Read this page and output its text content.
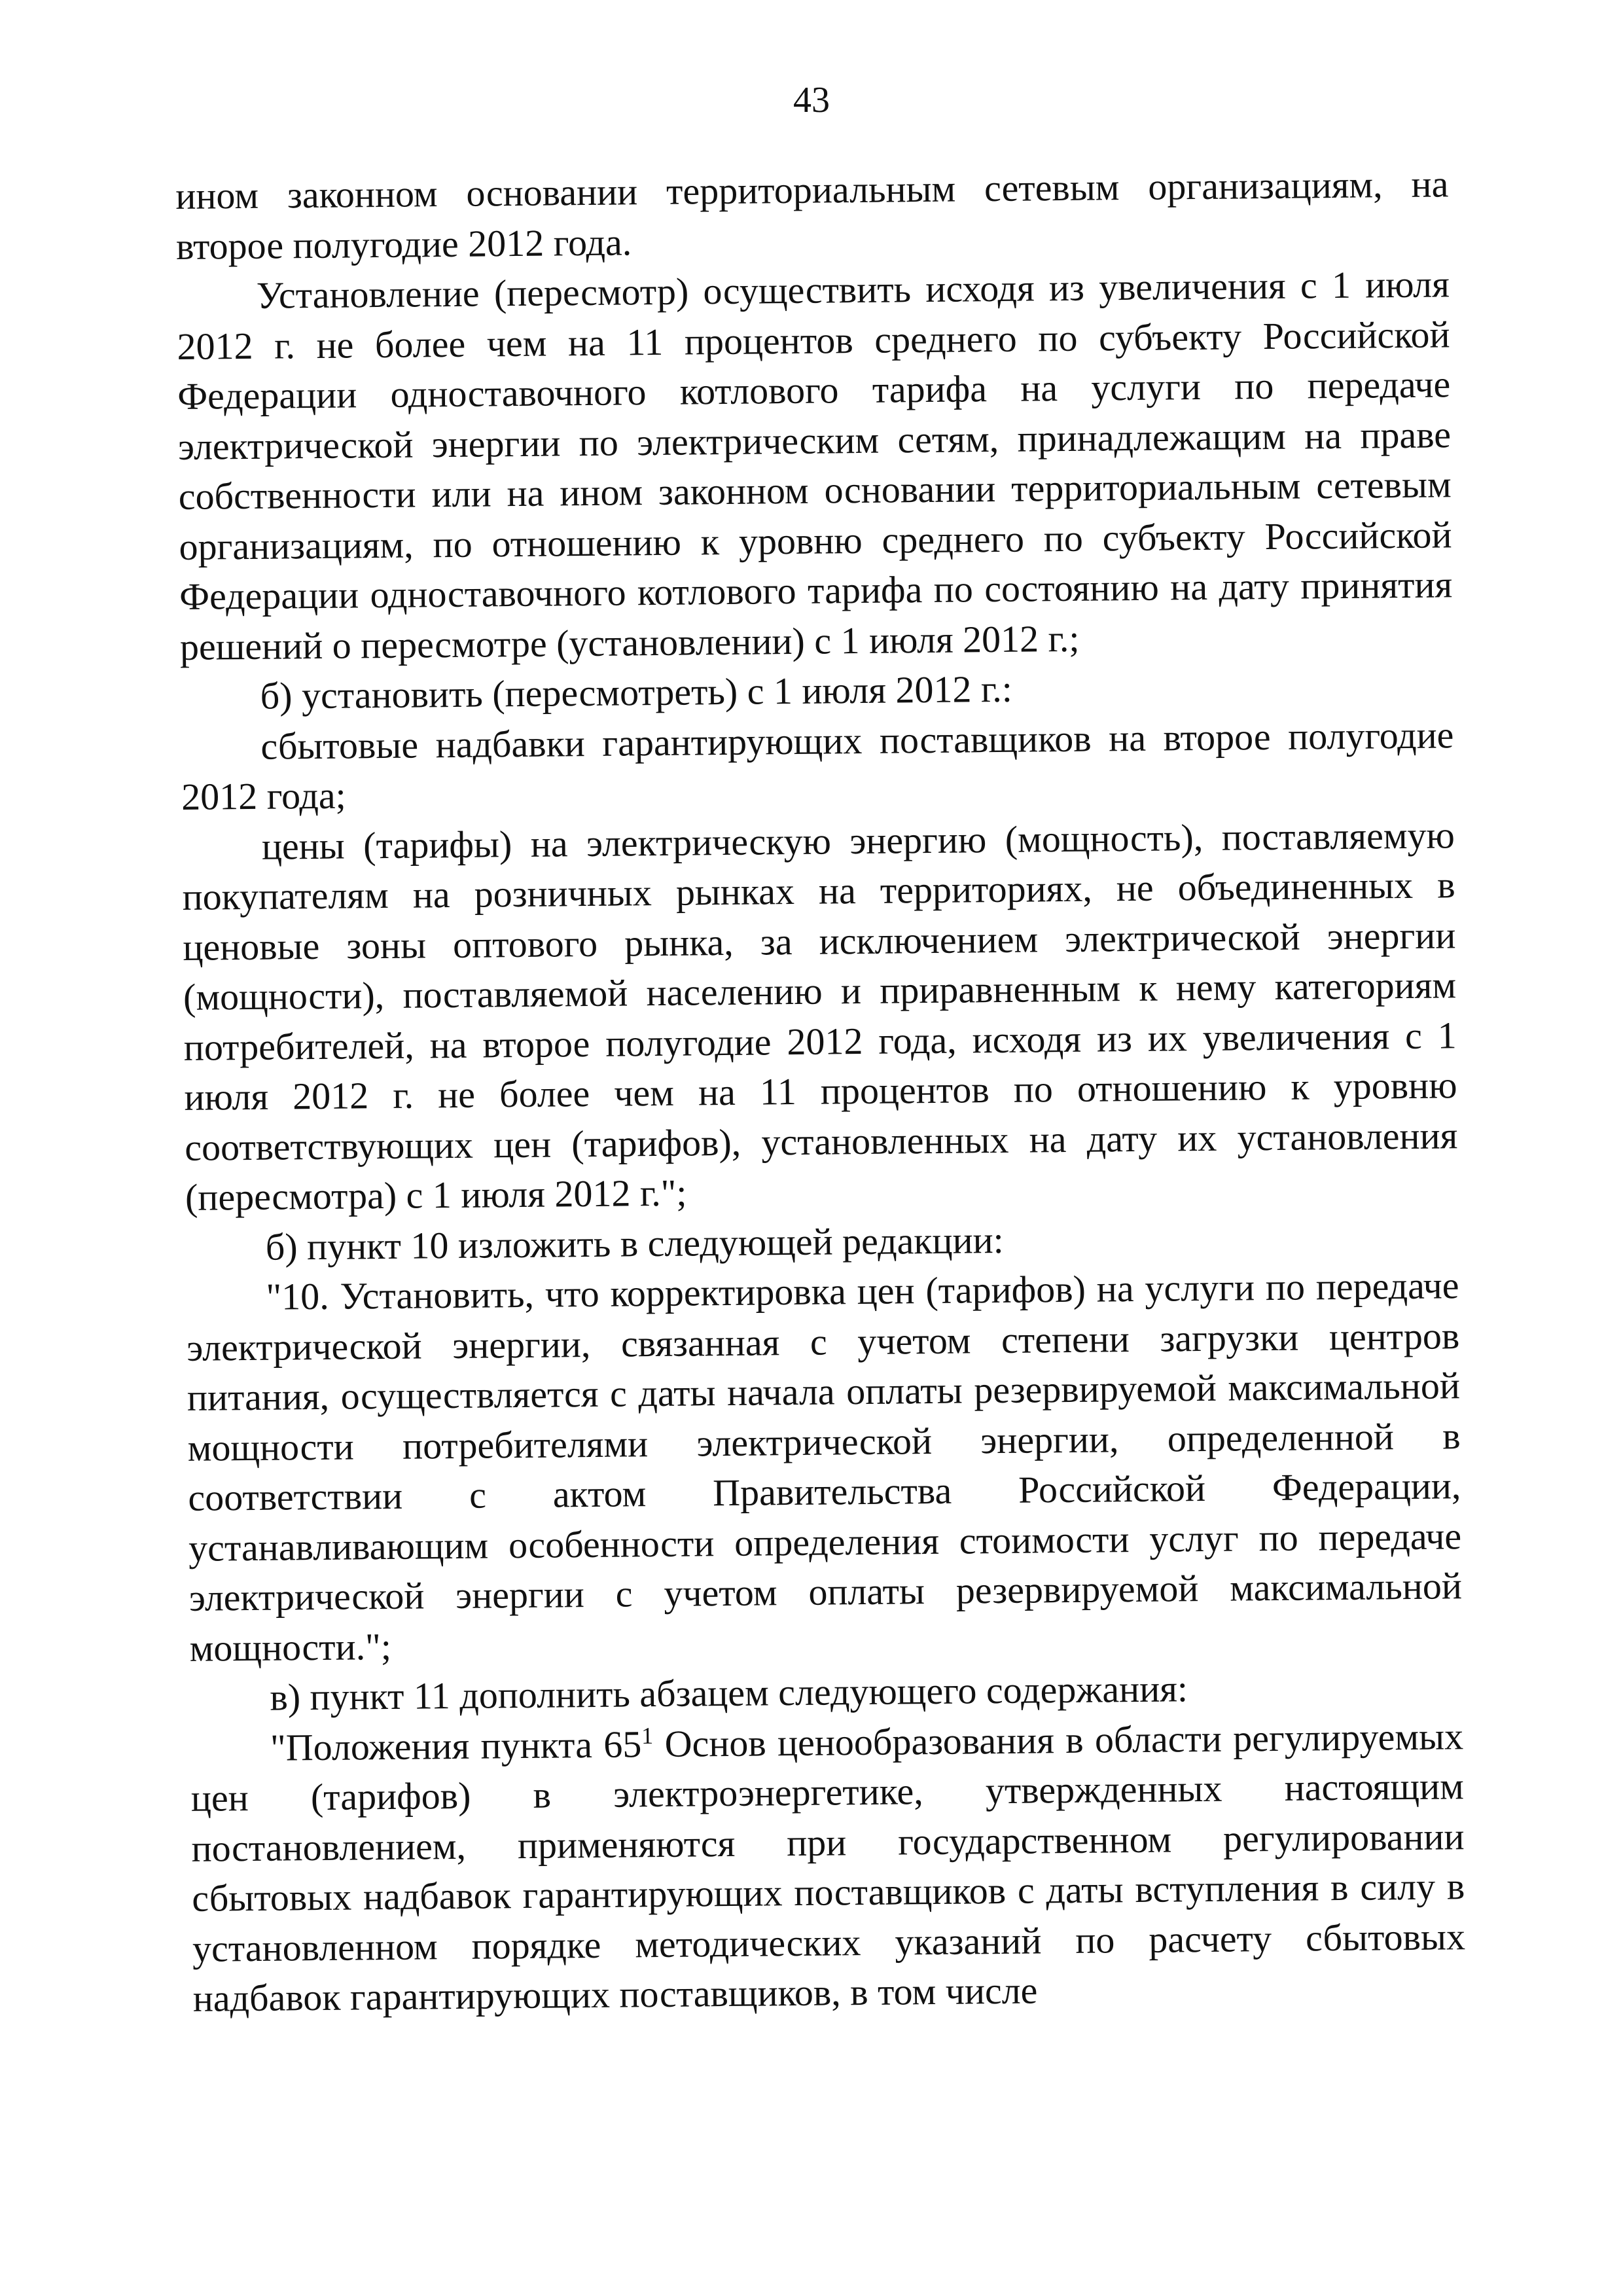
43

ином законном основании территориальным сетевым организациям, на второе полугодие 2012 года.

Установление (пересмотр) осуществить исходя из увеличения с 1 июля 2012 г. не более чем на 11 процентов среднего по субъекту Российской Федерации одноставочного котлового тарифа на услуги по передаче электрической энергии по электрическим сетям, принадлежащим на праве собственности или на ином законном основании территориальным сетевым организациям, по отношению к уровню среднего по субъекту Российской Федерации одноставочного котлового тарифа по состоянию на дату принятия решений о пересмотре (установлении) с 1 июля 2012 г.;

б) установить (пересмотреть) с 1 июля 2012 г.:

сбытовые надбавки гарантирующих поставщиков на второе полугодие 2012 года;

цены (тарифы) на электрическую энергию (мощность), поставляемую покупателям на розничных рынках на территориях, не объединенных в ценовые зоны оптового рынка, за исключением электрической энергии (мощности), поставляемой населению и приравненным к нему категориям потребителей, на второе полугодие 2012 года, исходя из их увеличения с 1 июля 2012 г. не более чем на 11 процентов по отношению к уровню соответствующих цен (тарифов), установленных на дату их установления (пересмотра) с 1 июля 2012 г.";

б) пункт 10 изложить в следующей редакции:

"10. Установить, что корректировка цен (тарифов) на услуги по передаче электрической энергии, связанная с учетом степени загрузки центров питания, осуществляется с даты начала оплаты резервируемой максимальной мощности потребителями электрической энергии, определенной в соответствии с актом Правительства Российской Федерации, устанавливающим особенности определения стоимости услуг по передаче электрической энергии с учетом оплаты резервируемой максимальной мощности.";

в) пункт 11 дополнить абзацем следующего содержания:

"Положения пункта $65^1$ Основ ценообразования в области регулируемых цен (тарифов) в электроэнергетике, утвержденных настоящим постановлением, применяются при государственном регулировании сбытовых надбавок гарантирующих поставщиков с даты вступления в силу в установленном порядке методических указаний по расчету сбытовых надбавок гарантирующих поставщиков, в том числе
